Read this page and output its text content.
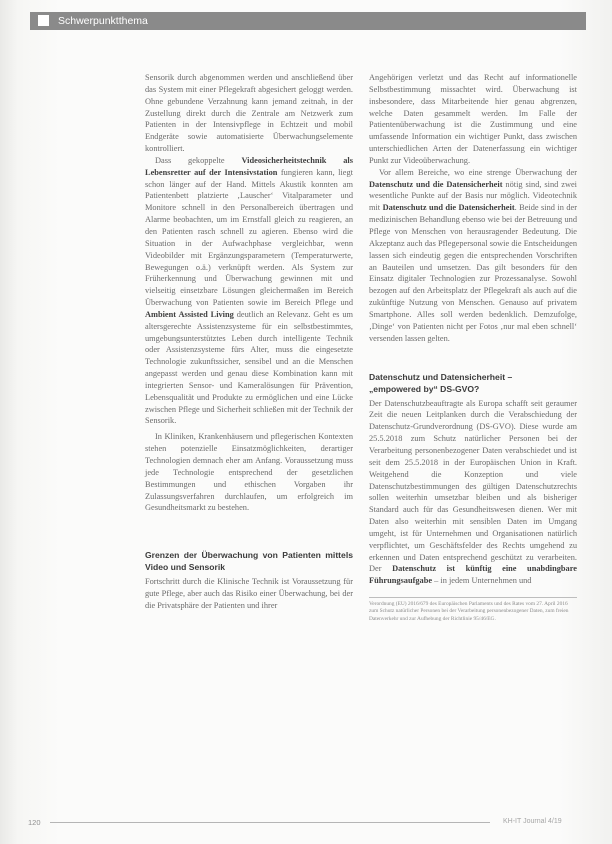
Schwerpunktthema

Sensorik durch abgenommen werden und anschließend über das System mit einer Pflegekraft abgesichert geloggt werden. Ohne gebundene Verzahnung kann jemand zeitnah, in der Zustellung direkt durch die Zentrale am Netzwerk zum Patienten in der Intensivpflege in Echtzeit und mobil Endgeräte sowie automatisierte Überwachungselemente kontrolliert.

Dass gekoppelte Videosicherheitstechnik als Lebensretter auf der Intensivstation fungieren kann, liegt schon länger auf der Hand. Mittels Akustik konnten am Patientenbett platzierte ‚Lauscher‘ Vitalparameter und Monitore schnell in den Personalbereich übertragen und Alarme beobachten, um im Ernstfall gleich zu reagieren, an den Patienten rasch schnell zu agieren. Ebenso wird die Situation in der Aufwachphase vergleichbar, wenn Videobilder mit Ergänzungsparametern (Temperaturwerte, Bewegungen o.ä.) verknüpft werden. Als System zur Früherkennung und Überwachung gewinnen mit und vielseitig einsetzbare Lösungen gleichermaßen im Bereich Überwachung von Patienten sowie im Bereich Pflege und Ambient Assisted Living deutlich an Relevanz. Geht es um altersgerechte Assistenzsysteme für ein selbstbestimmtes, umgebungsunterstütztes Leben durch intelligente Technik oder Assistenzsysteme fürs Alter, muss die eingesetzte Technologie zukunftssicher, sensibel und an die Menschen angepasst werden und genau diese Kombination kann mit integrierten Sensor- und Kameralösungen für Prävention, Lebensqualität und Produkte zu ermöglichen und eine Lücke zwischen Pflege und Sicherheit schließen mit der Technik der Sensorik.

In Kliniken, Krankenhäusern und pflegerischen Kontexten stehen potenzielle Einsatzmöglichkeiten, derartiger Technologien demnach eher am Anfang. Voraussetzung muss jede Technologie entsprechend der gesetzlichen Bestimmungen und ethischen Vorgaben ihr Zulassungsverfahren durchlaufen, um erfolgreich im Gesundheitsmarkt zu bestehen.

Grenzen der Überwachung von Patienten mittels Video und Sensorik

Fortschritt durch die Klinische Technik ist Voraussetzung für gute Pflege, aber auch das Risiko einer Überwachung, bei der die Privatsphäre der Patienten und ihrer

Angehörigen verletzt und das Recht auf informationelle Selbstbestimmung missachtet wird. Überwachung ist insbesondere, dass Mitarbeitende hier genau abgrenzen, welche Daten gesammelt werden. Im Falle der Patientenüberwachung ist die Zustimmung und eine umfassende Information ein wichtiger Punkt, dass zwischen unterschiedlichen Arten der Datenerfassung ein wichtiger Punkt zur Videoüberwachung.

Vor allem Bereiche, wo eine strenge Überwachung der Datenschutz und die Datensicherheit nötig sind, sind zwei wesentliche Punkte auf der Basis nur möglich. Videotechnik mit Datenschutz und die Datensicherheit. Beide sind in der medizinischen Behandlung ebenso wie bei der Betreuung und Pflege von Menschen von herausragender Bedeutung. Die Akzeptanz auch das Pflegepersonal sowie die Entscheidungen lassen sich eindeutig gegen die entsprechenden Vorschriften an Bauteilen und umsetzen. Das gilt besonders für den Einsatz digitaler Technologien zur Prozessanalyse. Sowohl bezogen auf den Arbeitsplatz der Pflegekraft als auch auf die zukünftige Nutzung von Menschen. Genauso auf privatem Smartphone. Alles soll werden bedenklich. Demzufolge, ‚Dinge‘ von Patienten nicht per Fotos ‚nur mal eben schnell‘ versenden lassen gelten.

Datenschutz und Datensicherheit –
„empowered by“ DS-GVO?

Der Datenschutzbeauftragte als Europa schafft seit geraumer Zeit die neuen Leitplanken durch die Verabschiedung der Datenschutz-Grundverordnung (DS-GVO). Diese wurde am 25.5.2018 zum Schutz natürlicher Personen bei der Verarbeitung personenbezogener Daten verabschiedet und ist seit dem 25.5.2018 in der Europäischen Union in Kraft. Weitgehend die Konzeption und viele Datenschutzbestimmungen des gültigen Datenschutzrechts sollen weiterhin umsetzbar bleiben und als bisheriger Standard auch für das Gesundheitswesen dienen. Wer mit Daten also weiterhin mit sensiblen Daten im Umgang umgeht, ist für Unternehmen und Organisationen natürlich verpflichtet, um Geschäftsfelder des Rechts umgehend zu erkennen und Daten entsprechend geschützt zu verarbeiten. Der Datenschutz ist künftig eine unabdingbare Führungsaufgabe – in jedem Unternehmen und

Verordnung (EU) 2016/679 des Europäischen Parlaments und des Rates vom 27. April 2016 zum Schutz natürlicher Personen bei der Verarbeitung personenbezogener Daten, zum freien Datenverkehr und zur Aufhebung der Richtlinie 95/46/EG.

120	KH-IT Journal 4/19
